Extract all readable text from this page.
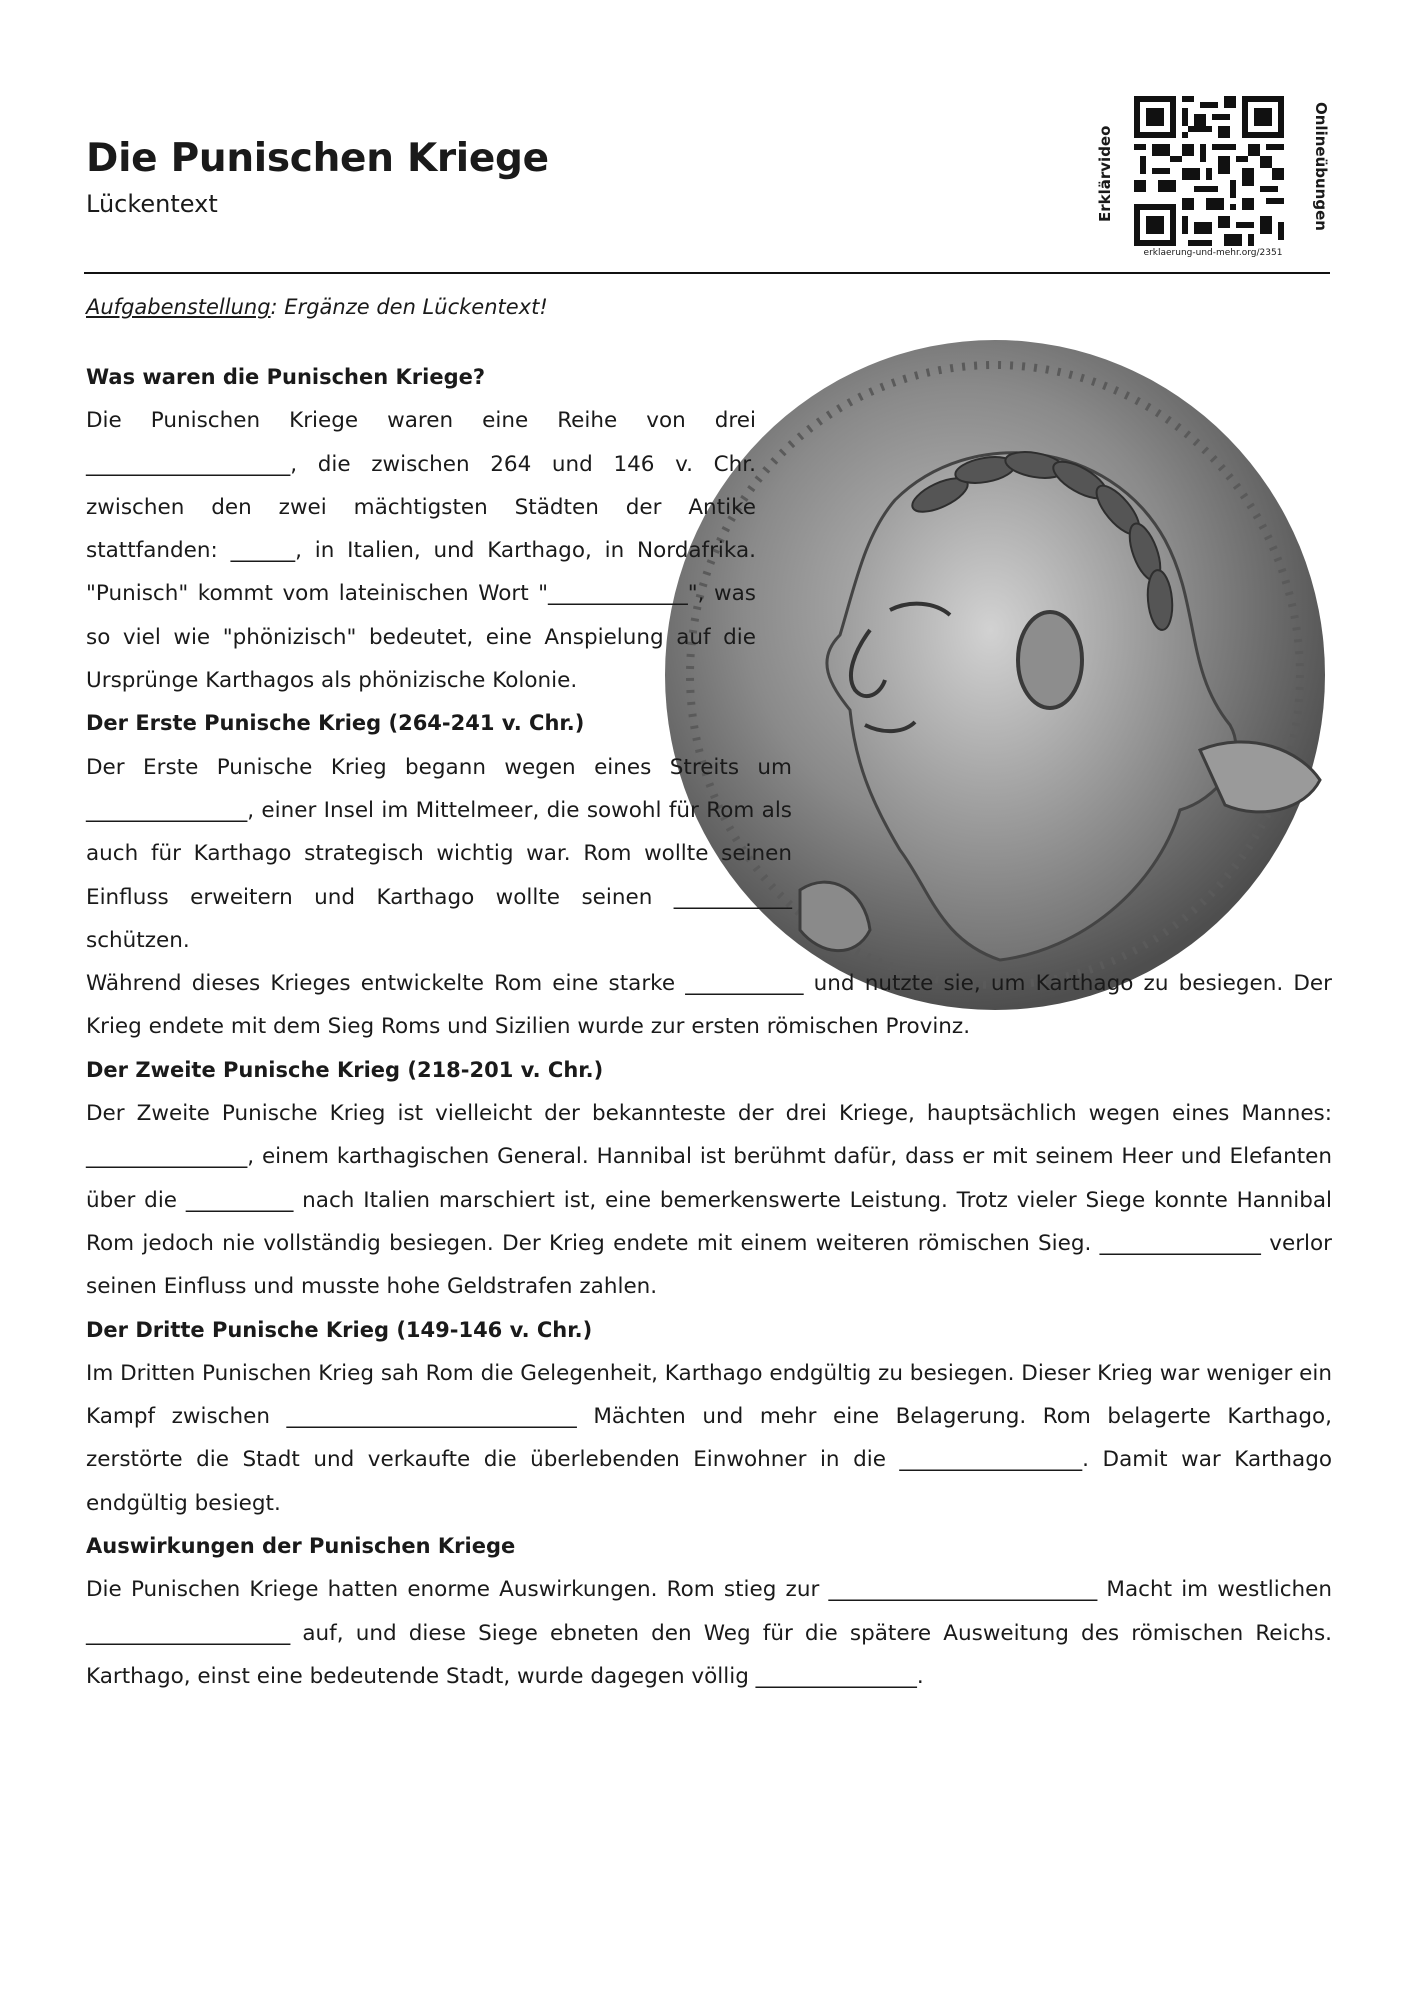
Die Punischen Kriege
Lückentext	Erklärvideo	Onlineübungen
erklaerung-und-mehr.org/2351
Aufgabenstellung: Ergänze den Lückentext!
Was waren die Punischen Kriege?

Die Punischen Kriege waren eine Reihe von drei ___________________, die zwischen 264 und 146 v. Chr. zwischen den zwei mächtigsten Städten der Antike stattfanden: ______, in Italien, und Karthago, in Nordafrika. "Punisch" kommt vom lateinischen Wort "_____________", was so viel wie "phönizisch" bedeutet, eine Anspielung auf die Ursprünge Karthagos als phönizische Kolonie.

Der Erste Punische Krieg (264-241 v. Chr.)

Der Erste Punische Krieg begann wegen eines Streits um _______________, einer Insel im Mittelmeer, die sowohl für Rom als auch für Karthago strategisch wichtig war. Rom wollte seinen Einfluss erweitern und Karthago wollte seinen ___________ schützen.

Während dieses Krieges entwickelte Rom eine starke ___________ und nutzte sie, um Karthago zu besiegen. Der Krieg endete mit dem Sieg Roms und Sizilien wurde zur ersten römischen Provinz.

Der Zweite Punische Krieg (218-201 v. Chr.)

Der Zweite Punische Krieg ist vielleicht der bekannteste der drei Kriege, hauptsächlich wegen eines Mannes: _______________, einem karthagischen General. Hannibal ist berühmt dafür, dass er mit seinem Heer und Elefanten über die __________ nach Italien marschiert ist, eine bemerkenswerte Leistung. Trotz vieler Siege konnte Hannibal Rom jedoch nie vollständig besiegen. Der Krieg endete mit einem weiteren römischen Sieg. _______________ verlor seinen Einfluss und musste hohe Geldstrafen zahlen.

Der Dritte Punische Krieg (149-146 v. Chr.)

Im Dritten Punischen Krieg sah Rom die Gelegenheit, Karthago endgültig zu besiegen. Dieser Krieg war weniger ein Kampf zwischen ___________________________ Mächten und mehr eine Belagerung. Rom belagerte Karthago, zerstörte die Stadt und verkaufte die überlebenden Einwohner in die _________________. Damit war Karthago endgültig besiegt.

Auswirkungen der Punischen Kriege

Die Punischen Kriege hatten enorme Auswirkungen. Rom stieg zur _________________________ Macht im westlichen ___________________ auf, und diese Siege ebneten den Weg für die spätere Ausweitung des römischen Reichs. Karthago, einst eine bedeutende Stadt, wurde dagegen völlig _______________.
